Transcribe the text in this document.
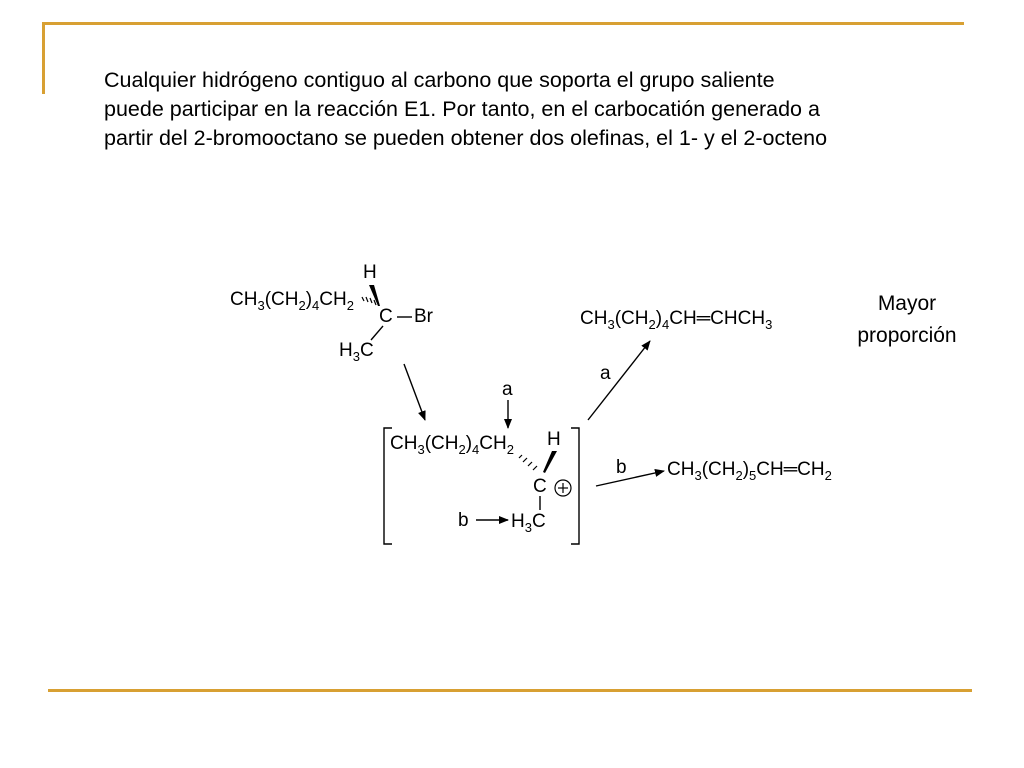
Cualquier hidrógeno contiguo al carbono que soporta el grupo saliente
puede participar en la reacción E1. Por tanto, en el carbocatión generado a
partir del 2-bromooctano se pueden obtener dos olefinas, el 1- y el 2-octeno

H
$CH_3(CH_2)_4CH_2$
C Br
$H_3C$
a
$CH_3(CH_2)_4CH_2$ H
C
b $H_3C$
a
b
$CH_3(CH_2)_4CH═CHCH_3$
$CH_3(CH_2)_5CH═CH_2$
Mayor
proporción
